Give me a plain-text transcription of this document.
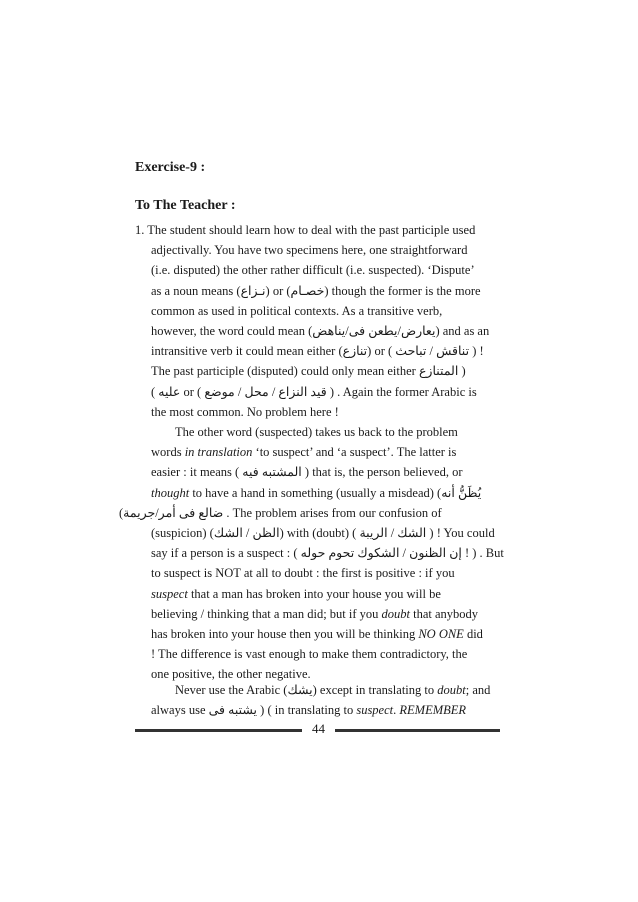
Exercise-9 :
To The Teacher :
1. The student should learn how to deal with the past participle used
adjectivally. You have two specimens here, one straightforward
(i.e. disputed) the other rather difficult (i.e. suspected). ‘Dispute’
as a noun means (نـزاع) or (خصـام) though the former is the more
common as used in political contexts. As a transitive verb,
however, the word could mean (يعارض/يطعن فى/يناهض) and as an
intransitive verb it could mean either (تنازع) or ( تناقش / تباحث ) !
The past participle (disputed) could only mean either المتنازع )
( عليه or ( قيد النزاع / محل / موضع ) . Again the former Arabic is
the most common. No problem here !
The other word (suspected) takes us back to the problem
words in translation ‘to suspect’ and ‘a suspect’. The latter is
easier : it means ( المشتبه فيه ) that is, the person believed, or
thought to have a hand in something (usually a misdead) (يُظَنُّ أنه
(ضالع فى أمر/جريمة . The problem arises from our confusion of
(suspicion) (الظن / الشك) with (doubt) ( الشك / الريبة ) ! You could
say if a person is a suspect : ( إن الظنون / الشكوك تحوم حوله ! ) . But
to suspect is NOT at all to doubt : the first is positive : if you
suspect that a man has broken into your house you will be
believing / thinking that a man did; but if you doubt that anybody
has broken into your house then you will be thinking NO ONE did
! The difference is vast enough to make them contradictory, the
one positive, the other negative.
Never use the Arabic (يشك) except in translating to doubt; and
always use يشتبه فى ) ( in translating to suspect. REMEMBER
44
